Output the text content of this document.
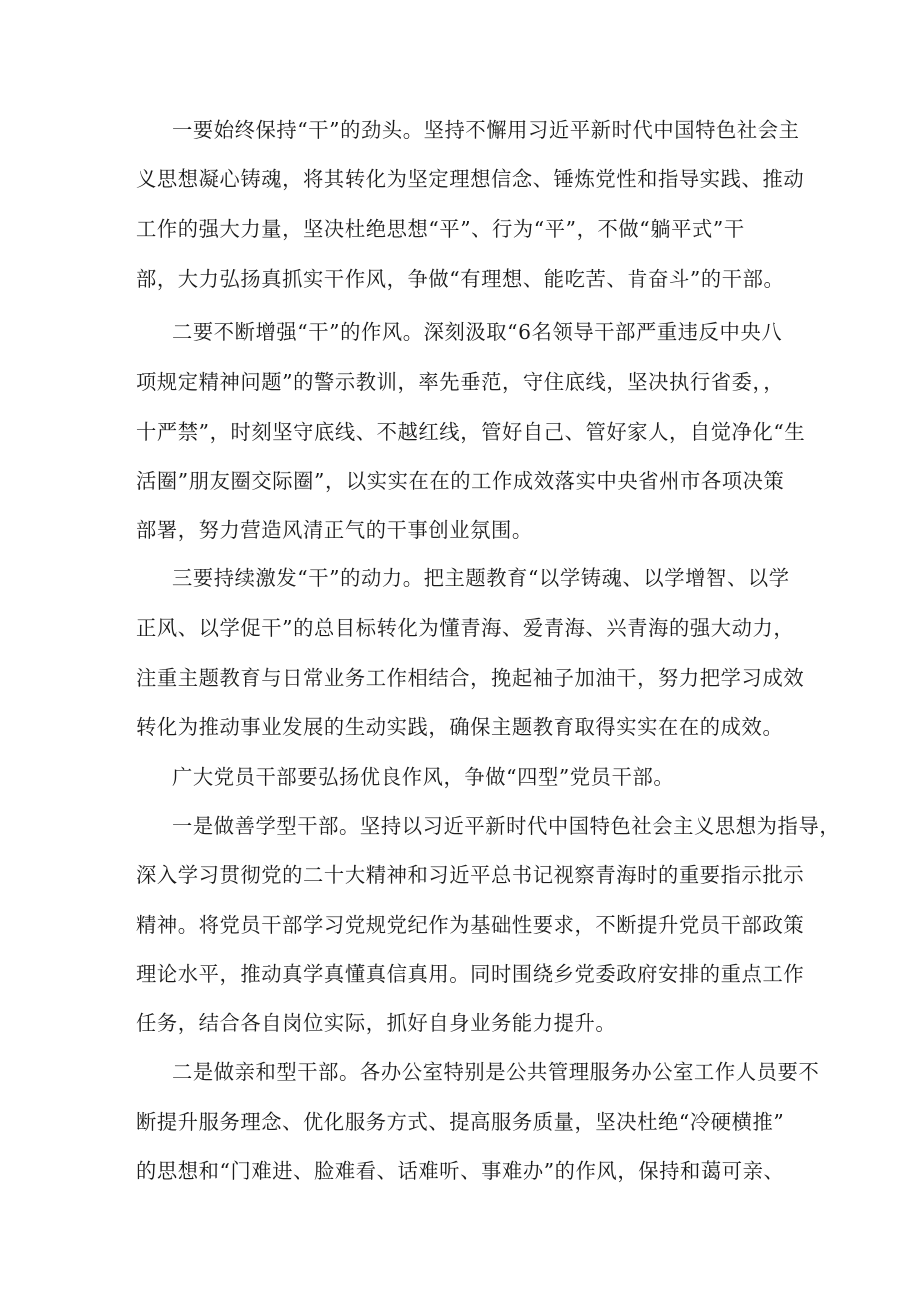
一要始终保持“干”的劲头。坚持不懈用习近平新时代中国特色社会主

义思想凝心铸魂，将其转化为坚定理想信念、锤炼党性和指导实践、推动

工作的强大力量，坚决杜绝思想“平”、行为“平”，不做“躺平式”干

部，大力弘扬真抓实干作风，争做“有理想、能吃苦、肯奋斗”的干部。

二要不断增强“干”的作风。深刻汲取“6名领导干部严重违反中央八

项规定精神问题”的警示教训，率先垂范，守住底线，坚决执行省委，，

十严禁”，时刻坚守底线、不越红线，管好自己、管好家人，自觉净化“生

活圈”朋友圈交际圈”，以实实在在的工作成效落实中央省州市各项决策

部署，努力营造风清正气的干事创业氛围。

三要持续激发“干”的动力。把主题教育“以学铸魂、以学增智、以学

正风、以学促干”的总目标转化为懂青海、爱青海、兴青海的强大动力，

注重主题教育与日常业务工作相结合，挽起袖子加油干，努力把学习成效

转化为推动事业发展的生动实践，确保主题教育取得实实在在的成效。

广大党员干部要弘扬优良作风，争做“四型”党员干部。

一是做善学型干部。坚持以习近平新时代中国特色社会主义思想为指导，

深入学习贯彻党的二十大精神和习近平总书记视察青海时的重要指示批示

精神。将党员干部学习党规党纪作为基础性要求，不断提升党员干部政策

理论水平，推动真学真懂真信真用。同时围绕乡党委政府安排的重点工作

任务，结合各自岗位实际，抓好自身业务能力提升。

二是做亲和型干部。各办公室特别是公共管理服务办公室工作人员要不

断提升服务理念、优化服务方式、提高服务质量，坚决杜绝“冷硬横推”

的思想和“门难进、脸难看、话难听、事难办”的作风，保持和蔼可亲、
